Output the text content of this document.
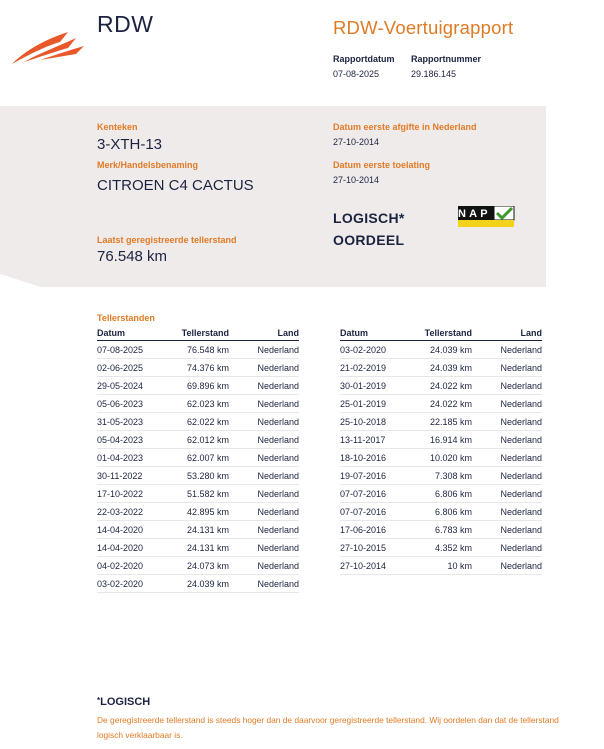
RDW	RDW-Voertuigrapport
Rapportdatum
07-08-2025
Rapportnummer
29.186.145
Kenteken
3-XTH-13
Merk/Handelsbenaming
CITROEN C4 CACTUS
Laatst geregistreerde tellerstand
76.548 km
Datum eerste afgifte in Nederland
27-10-2014
Datum eerste toelating
27-10-2014
LOGISCH*
OORDEEL
NAP
Tellerstanden
Datum	Tellerstand	Land
07-08-2025	76.548 km	Nederland
02-06-2025	74.376 km	Nederland
29-05-2024	69.896 km	Nederland
05-06-2023	62.023 km	Nederland
31-05-2023	62.022 km	Nederland
05-04-2023	62.012 km	Nederland
01-04-2023	62.007 km	Nederland
30-11-2022	53.280 km	Nederland
17-10-2022	51.582 km	Nederland
22-03-2022	42.895 km	Nederland
14-04-2020	24.131 km	Nederland
14-04-2020	24.131 km	Nederland
04-02-2020	24.073 km	Nederland
03-02-2020	24.039 km	Nederland
Datum	Tellerstand	Land
03-02-2020	24.039 km	Nederland
21-02-2019	24.039 km	Nederland
30-01-2019	24.022 km	Nederland
25-01-2019	24.022 km	Nederland
25-10-2018	22.185 km	Nederland
13-11-2017	16.914 km	Nederland
18-10-2016	10.020 km	Nederland
19-07-2016	7.308 km	Nederland
07-07-2016	6.806 km	Nederland
07-07-2016	6.806 km	Nederland
17-06-2016	6.783 km	Nederland
27-10-2015	4.352 km	Nederland
27-10-2014	10 km	Nederland
*LOGISCH
De geregistreerde tellerstand is steeds hoger dan de daarvoor geregistreerde tellerstand. Wij oordelen dan dat de tellerstand logisch verklaarbaar is.
